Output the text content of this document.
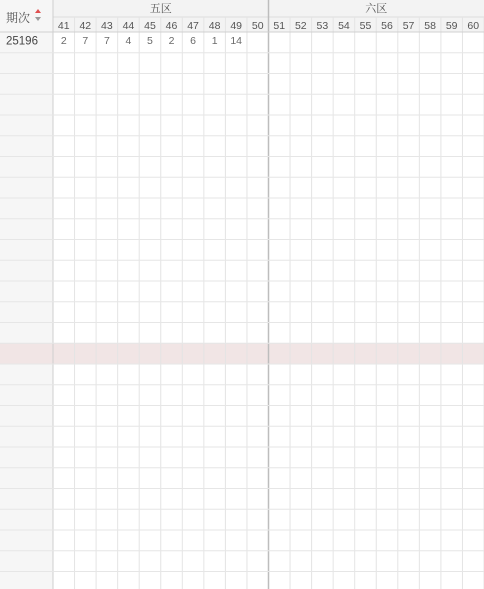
25196 2 7 7 4 5 2 6 1 14
期次
五区	六区
41 42 43 44 45 46 47 48 49 50 51 52 53 54 55 56 57 58 59 60
